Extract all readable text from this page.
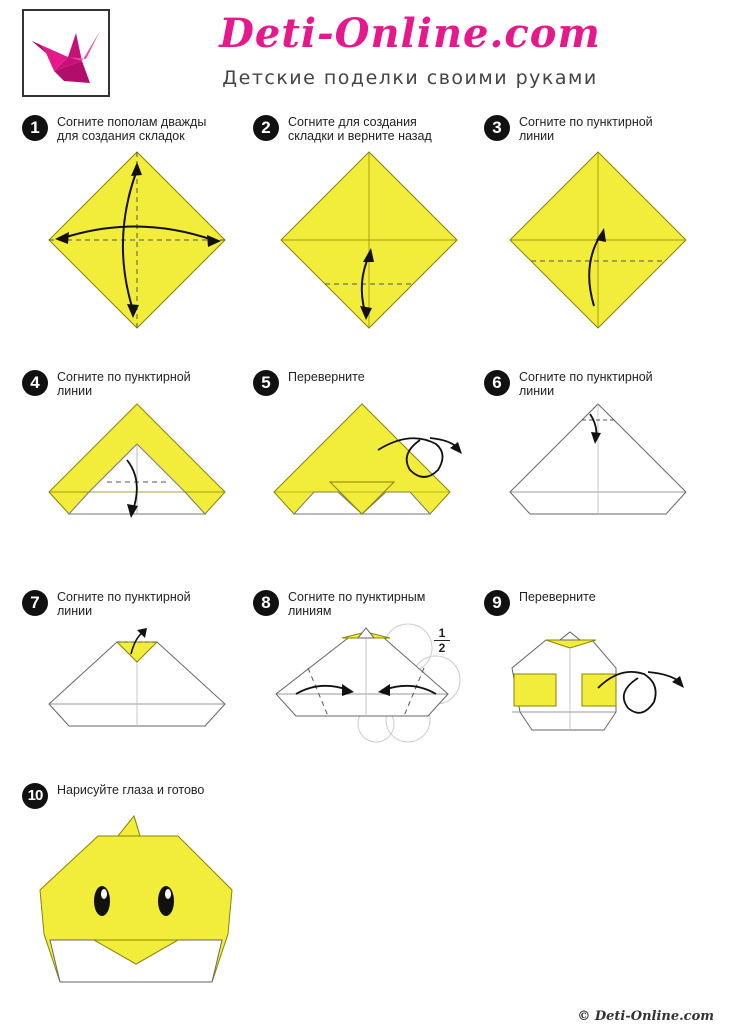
Deti-Online.com
Детские поделки своими руками
1	Согните пополам дважды
для создания складок	2	Согните для создания
складки и верните назад	3	Согните по пунктирной
линии
4	Согните по пунктирной
линии	5	Переверните	6	Согните по пунктирной
линии
7	Согните по пунктирной
линии	8	Согните по пунктирным
линиям
1
2
9	Переверните
10	Нарисуйте глаза и готово
© Deti-Online.com
